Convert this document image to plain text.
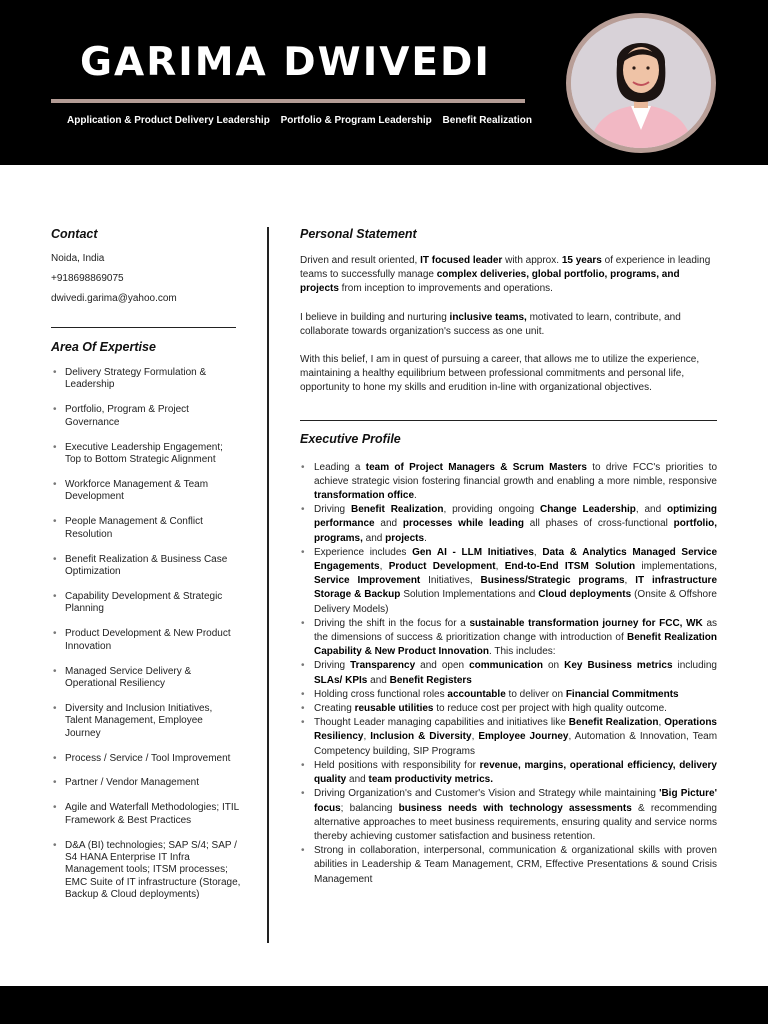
GARIMA DWIVEDI
Application & Product Delivery Leadership Portfolio & Program Leadership Benefit Realization
Contact
Noida, India
+918698869075
dwivedi.garima@yahoo.com
Area Of Expertise
• Delivery Strategy Formulation & Leadership
• Portfolio, Program & Project Governance
• Executive Leadership Engagement; Top to Bottom Strategic Alignment
• Workforce Management & Team Development
• People Management & Conflict Resolution
• Benefit Realization & Business Case Optimization
• Capability Development & Strategic Planning
• Product Development & New Product Innovation
• Managed Service Delivery & Operational Resiliency
• Diversity and Inclusion Initiatives, Talent Management, Employee Journey
• Process / Service / Tool Improvement
• Partner / Vendor Management
• Agile and Waterfall Methodologies; ITIL Framework & Best Practices
• D&A (BI) technologies; SAP S/4; SAP / S4 HANA Enterprise IT Infra Management tools; ITSM processes; EMC Suite of IT infrastructure (Storage, Backup & Cloud deployments)
Personal Statement

Driven and result oriented, IT focused leader with approx. 15 years of experience in leading teams to successfully manage complex deliveries, global portfolio, programs, and projects from inception to improvements and operations.

I believe in building and nurturing inclusive teams, motivated to learn, contribute, and collaborate towards organization's success as one unit.

With this belief, I am in quest of pursuing a career, that allows me to utilize the experience, maintaining a healthy equilibrium between professional commitments and personal life, opportunity to hone my skills and erudition in-line with organizational objectives.

Executive Profile
• Leading a team of Project Managers & Scrum Masters to drive FCC's priorities to achieve strategic vision fostering financial growth and enabling a more nimble, responsive transformation office.
• Driving Benefit Realization, providing ongoing Change Leadership, and optimizing performance and processes while leading all phases of cross-functional portfolio, programs, and projects.
• Experience includes Gen AI - LLM Initiatives, Data & Analytics Managed Service Engagements, Product Development, End-to-End ITSM Solution implementations, Service Improvement Initiatives, Business/Strategic programs, IT infrastructure Storage & Backup Solution Implementations and Cloud deployments (Onsite & Offshore Delivery Models)
• Driving the shift in the focus for a sustainable transformation journey for FCC, WK as the dimensions of success & prioritization change with introduction of Benefit Realization Capability & New Product Innovation. This includes:
• Driving Transparency and open communication on Key Business metrics including SLAs/ KPIs and Benefit Registers
• Holding cross functional roles accountable to deliver on Financial Commitments
• Creating reusable utilities to reduce cost per project with high quality outcome.
• Thought Leader managing capabilities and initiatives like Benefit Realization, Operations Resiliency, Inclusion & Diversity, Employee Journey, Automation & Innovation, Team Competency building, SIP Programs
• Held positions with responsibility for revenue, margins, operational efficiency, delivery quality and team productivity metrics.
• Driving Organization's and Customer's Vision and Strategy while maintaining 'Big Picture' focus; balancing business needs with technology assessments & recommending alternative approaches to meet business requirements, ensuring quality and service norms thereby achieving customer satisfaction and business retention.
• Strong in collaboration, interpersonal, communication & organizational skills with proven abilities in Leadership & Team Management, CRM, Effective Presentations & sound Crisis Management
